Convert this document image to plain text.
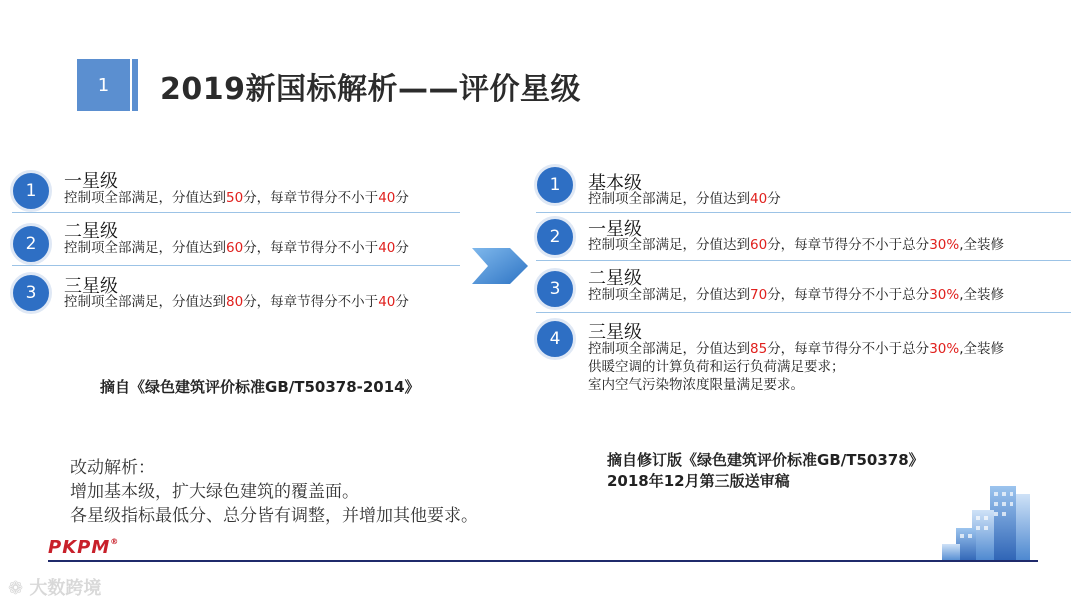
1	2019新国标解析——评价星级
1	一星级
控制项全部满足，分值达到50分，每章节得分不小于40分
2
二星级
控制项全部满足，分值达到60分，每章节得分不小于40分
3	三星级
控制项全部满足，分值达到80分，每章节得分不小于40分
摘自《绿色建筑评价标准GB/T50378-2014》
1	基本级
控制项全部满足，分值达到40分
2	一星级
控制项全部满足，分值达到60分，每章节得分不小于总分30%,全装修
3	二星级
控制项全部满足，分值达到70分，每章节得分不小于总分30%,全装修
4	三星级
控制项全部满足，分值达到85分，每章节得分不小于总分30%,全装修
供暖空调的计算负荷和运行负荷满足要求；
室内空气污染物浓度限量满足要求。
摘自修订版《绿色建筑评价标准GB/T50378》
2018年12月第三版送审稿
改动解析：
增加基本级，扩大绿色建筑的覆盖面。
各星级指标最低分、总分皆有调整，并增加其他要求。
PKPM®
❁ 大数跨境
